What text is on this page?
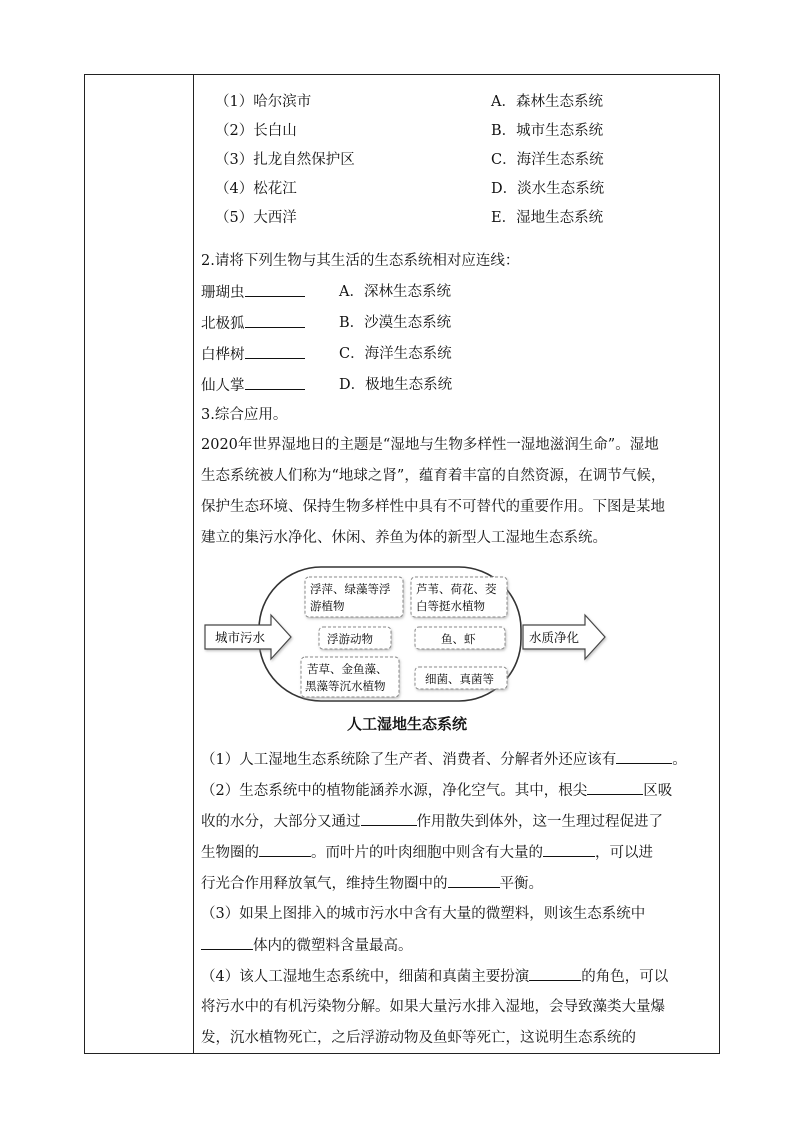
（1）哈尔滨市	A．森林生态系统
（2）长白山	B．城市生态系统
（3）扎龙自然保护区	C．海洋生态系统
（4）松花江	D．淡水生态系统
（5）大西洋	E．湿地生态系统
2.请将下列生物与其生活的生态系统相对应连线：
珊瑚虫	A．深林生态系统
北极狐	B．沙漠生态系统
白桦树	C．海洋生态系统
仙人掌	D．极地生态系统
3.综合应用。
2020年世界湿地日的主题是“湿地与生物多样性一湿地滋润生命”。湿地
生态系统被人们称为“地球之肾”，蕴育着丰富的自然资源，在调节气候，
保护生态环境、保持生物多样性中具有不可替代的重要作用。下图是某地
建立的集污水净化、休闲、养鱼为体的新型人工湿地生态系统。
城市污水	水质净化
浮萍、绿藻等浮
游植物
芦苇、荷花、茭
白等挺水植物
浮游动物	鱼、虾
苦草、金鱼藻、
黑藻等沉水植物	细菌、真菌等
人工湿地生态系统
（1）人工湿地生态系统除了生产者、消费者、分解者外还应该有	。
（2）生态系统中的植物能涵养水源，净化空气。其中，根尖	区吸
收的水分，大部分又通过	作用散失到体外，这一生理过程促进了
生物圈的	。而叶片的叶肉细胞中则含有大量的	，可以进
行光合作用释放氧气，维持生物圈中的	平衡。
（3）如果上图排入的城市污水中含有大量的微塑料，则该生态系统中
体内的微塑料含量最高。
（4）该人工湿地生态系统中，细菌和真菌主要扮演	的角色，可以
将污水中的有机污染物分解。如果大量污水排入湿地，会导致藻类大量爆
发，沉水植物死亡，之后浮游动物及鱼虾等死亡，这说明生态系统的
